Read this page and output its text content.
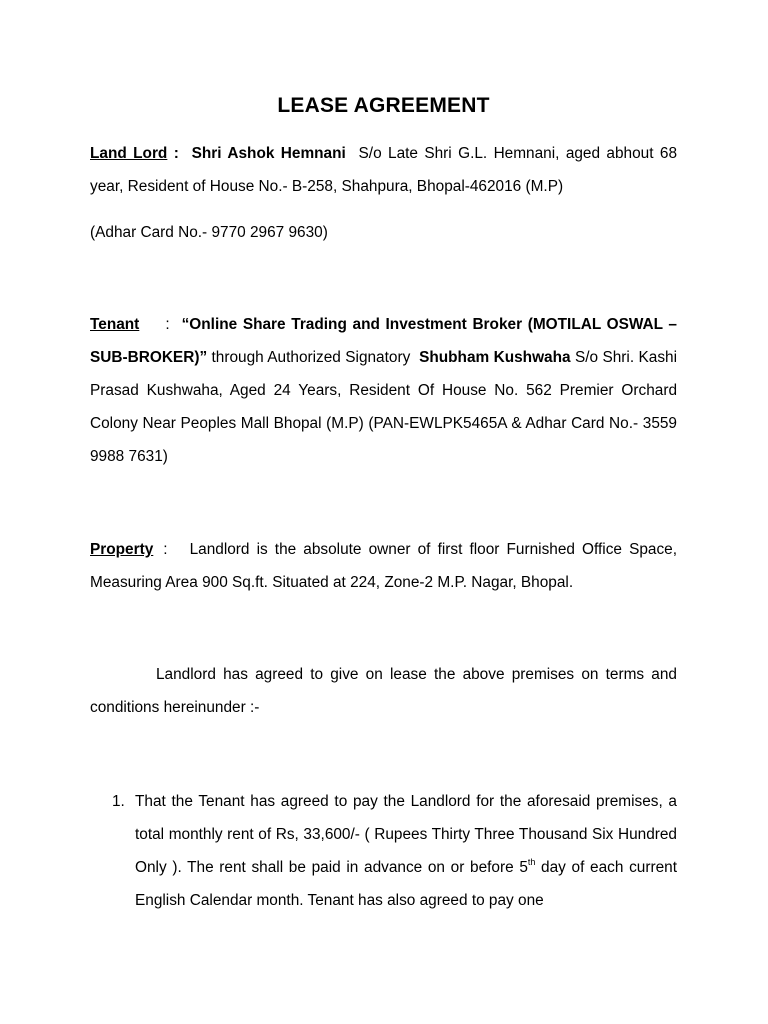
LEASE AGREEMENT
Land Lord :  Shri Ashok Hemnani S/o Late Shri G.L. Hemnani, aged abhout 68 year, Resident of House No.- B-258, Shahpura, Bhopal-462016 (M.P)
(Adhar Card No.- 9770 2967 9630)
Tenant : “Online Share Trading and Investment Broker (MOTILAL OSWAL – SUB-BROKER)” through Authorized Signatory  Shubham Kushwaha S/o Shri. Kashi Prasad Kushwaha, Aged 24 Years, Resident Of House No. 562 Premier Orchard Colony Near Peoples Mall Bhopal (M.P) (PAN-EWLPK5465A & Adhar Card No.- 3559 9988 7631)
Property : Landlord is the absolute owner of first floor Furnished Office Space, Measuring Area 900 Sq.ft. Situated at 224, Zone-2 M.P. Nagar, Bhopal.
Landlord has agreed to give on lease the above premises on terms and conditions hereinunder :-
1. That the Tenant has agreed to pay the Landlord for the aforesaid premises, a total monthly rent of Rs, 33,600/- ( Rupees Thirty Three Thousand Six Hundred Only ). The rent shall be paid in advance on or before 5th day of each current English Calendar month. Tenant has also agreed to pay one
